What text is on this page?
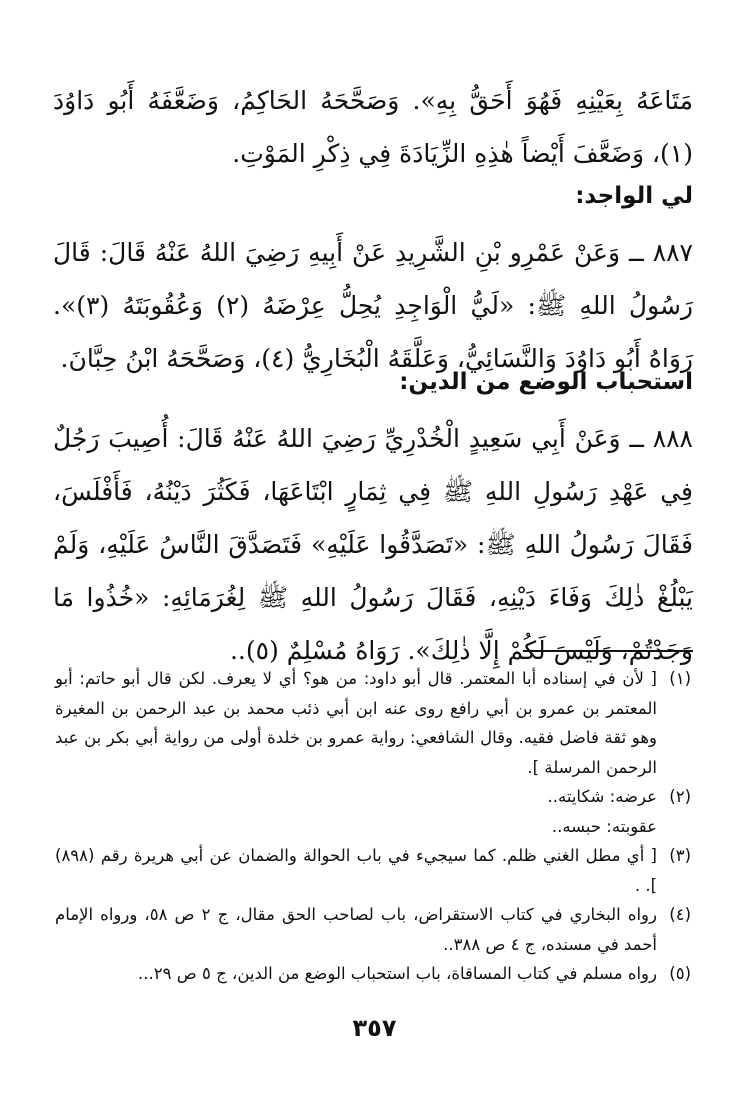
مَتَاعَهُ بِعَيْنِهِ فَهُوَ أَحَقُّ بِهِ». وَصَحَّحَهُ الحَاكِمُ، وَضَعَّفَهُ أَبُو دَاوُدَ (١)، وَضَعَّفَ أَيْضاً هٰذِهِ الزِّيَادَةَ فِي ذِكْرِ المَوْتِ.

لي الواجد:

٨٨٧ ــ وَعَنْ عَمْرِو بْنِ الشَّرِيدِ عَنْ أَبِيهِ رَضِيَ اللهُ عَنْهُ قَالَ: قَالَ رَسُولُ اللهِ ﷺ: «لَيُّ الْوَاجِدِ يُحِلُّ عِرْضَهُ (٢) وَعُقُوبَتَهُ (٣)». رَوَاهُ أَبُو دَاوُدَ وَالنَّسَائِيُّ، وَعَلَّقَهُ الْبُخَارِيُّ (٤)، وَصَحَّحَهُ ابْنُ حِبَّانَ.

استحباب الوضع من الدين:

٨٨٨ ــ وَعَنْ أَبِي سَعِيدٍ الْخُدْرِيِّ رَضِيَ اللهُ عَنْهُ قَالَ: أُصِيبَ رَجُلٌ فِي عَهْدِ رَسُولِ اللهِ ﷺ فِي ثِمَارٍ ابْتَاعَهَا، فَكَثُرَ دَيْنُهُ، فَأَفْلَسَ، فَقَالَ رَسُولُ اللهِ ﷺ: «تَصَدَّقُوا عَلَيْهِ» فَتَصَدَّقَ النَّاسُ عَلَيْهِ، وَلَمْ يَبْلُغْ ذٰلِكَ وَفَاءَ دَيْنِهِ، فَقَالَ رَسُولُ اللهِ ﷺ لِغُرَمَائِهِ: «خُذُوا مَا وَجَدْتُمْ، وَلَيْسَ لَكُمْ إِلَّا ذٰلِكَ». رَوَاهُ مُسْلِمٌ (٥)..

(١)
[ لأن في إسناده أبا المعتمر. قال أبو داود: من هو؟ أي لا يعرف. لكن قال أبو حاتم: أبو المعتمر بن عمرو بن أبي رافع روى عنه ابن أبي ذئب محمد بن عبد الرحمن بن المغيرة وهو ثقة فاضل فقيه. وقال الشافعي: رواية عمرو بن خلدة أولى من رواية أبي بكر بن عبد الرحمن المرسلة ].
(٢)
عرضه: شكايته..

عقوبته: حبسه..

(٣)
[ أي مطل الغني ظلم. كما سيجيء في باب الحوالة والضمان عن أبي هريرة رقم (٨٩٨) ]. .
(٤)
رواه البخاري في كتاب الاستقراض، باب لصاحب الحق مقال، ج ٢ ص ٥٨، ورواه الإمام أحمد في مسنده، ج ٤ ص ٣٨٨..
(٥)
رواه مسلم في كتاب المساقاة، باب استحباب الوضع من الدين، ج ٥ ص ٢٩...

٣٥٧
